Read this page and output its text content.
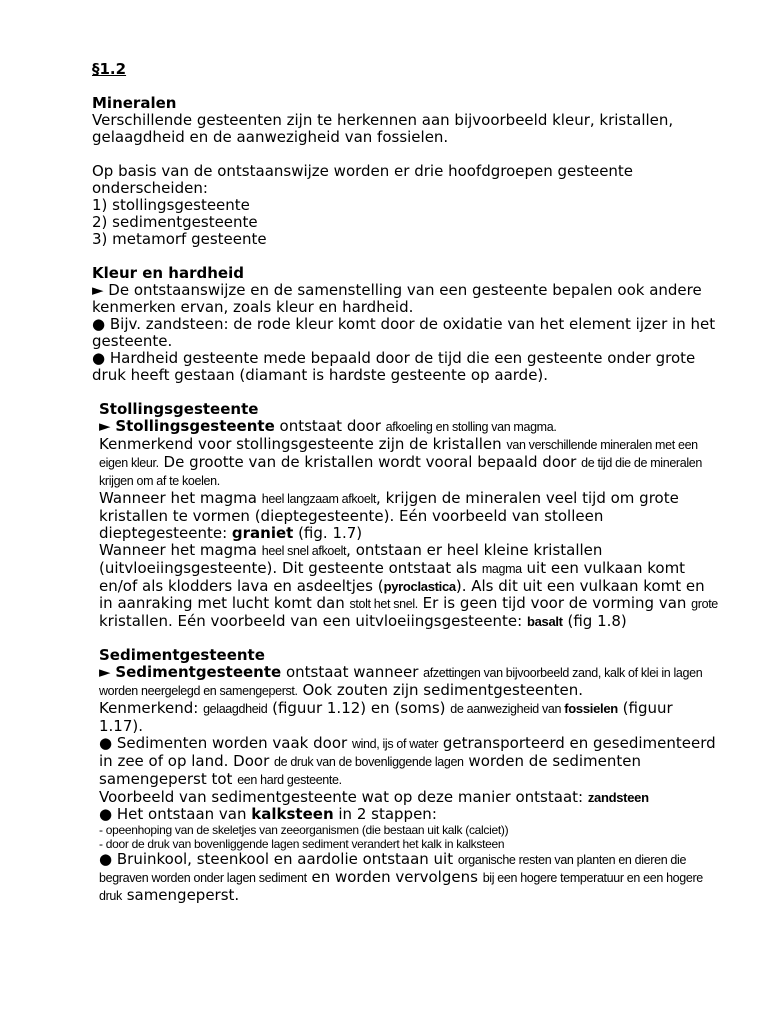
§1.2

Mineralen

Verschillende gesteenten zijn te herkennen aan bijvoorbeeld kleur, kristallen, gelaagdheid en de aanwezigheid van fossielen.

Op basis van de ontstaanswijze worden er drie hoofdgroepen gesteente onderscheiden:

1) stollingsgesteente

2) sedimentgesteente

3) metamorf gesteente

Kleur en hardheid

► De ontstaanswijze en de samenstelling van een gesteente bepalen ook andere kenmerken ervan, zoals kleur en hardheid.

● Bijv. zandsteen: de rode kleur komt door de oxidatie van het element ijzer in het gesteente.

● Hardheid gesteente mede bepaald door de tijd die een gesteente onder grote druk heeft gestaan (diamant is hardste gesteente op aarde).

Stollingsgesteente

► Stollingsgesteente ontstaat door afkoeling en stolling van magma.

Kenmerkend voor stollingsgesteente zijn de kristallen van verschillende mineralen met een eigen kleur. De grootte van de kristallen wordt vooral bepaald door de tijd die de mineralen krijgen om af te koelen.

Wanneer het magma heel langzaam afkoelt, krijgen de mineralen veel tijd om grote kristallen te vormen (dieptegesteente). Eén voorbeeld van stolleen dieptegesteente: graniet (fig. 1.7)

Wanneer het magma heel snel afkoelt, ontstaan er heel kleine kristallen (uitvloeiingsgesteente). Dit gesteente ontstaat als magma uit een vulkaan komt en/of als klodders lava en asdeeltjes (pyroclastica). Als dit uit een vulkaan komt en in aanraking met lucht komt dan stolt het snel. Er is geen tijd voor de vorming van grote kristallen. Eén voorbeeld van een uitvloeiingsgesteente: basalt (fig 1.8)

Sedimentgesteente

► Sedimentgesteente ontstaat wanneer afzettingen van bijvoorbeeld zand, kalk of klei in lagen worden neergelegd en samengeperst. Ook zouten zijn sedimentgesteenten.

Kenmerkend: gelaagdheid (figuur 1.12) en (soms) de aanwezigheid van fossielen (figuur 1.17).

● Sedimenten worden vaak door wind, ijs of water getransporteerd en gesedimenteerd in zee of op land. Door de druk van de bovenliggende lagen worden de sedimenten samengeperst tot een hard gesteente.

Voorbeeld van sedimentgesteente wat op deze manier ontstaat: zandsteen

● Het ontstaan van kalksteen in 2 stappen:

- opeenhoping van de skeletjes van zeeorganismen (die bestaan uit kalk (calciet))

- door de druk van bovenliggende lagen sediment verandert het kalk in kalksteen

● Bruinkool, steenkool en aardolie ontstaan uit organische resten van planten en dieren die begraven worden onder lagen sediment en worden vervolgens bij een hogere temperatuur en een hogere druk samengeperst.
